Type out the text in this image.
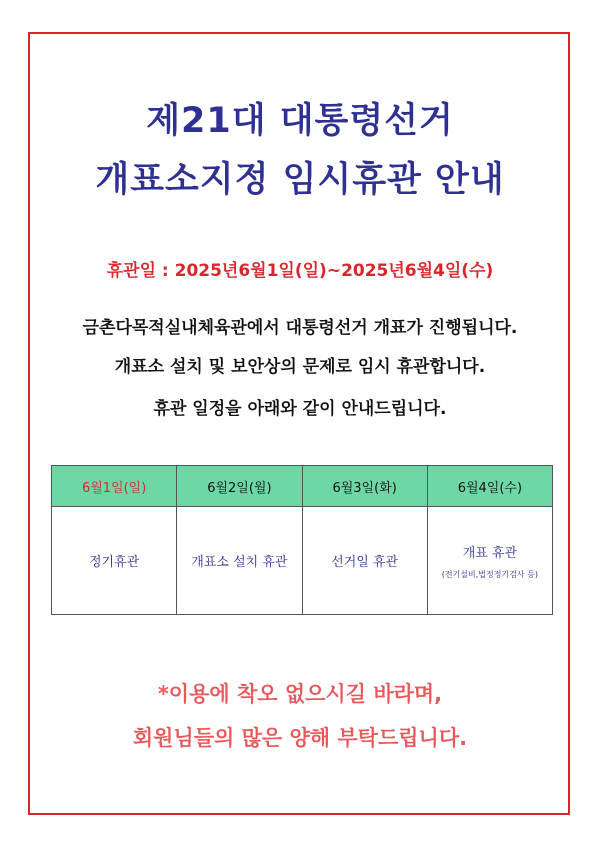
제21대 대통령선거
개표소지정 임시휴관 안내
휴관일 : 2025년6월1일(일)~2025년6월4일(수)
금촌다목적실내체육관에서 대통령선거 개표가 진행됩니다.
개표소 설치 및 보안상의 문제로 임시 휴관합니다.
휴관 일정을 아래와 같이 안내드립니다.
6월1일(일)	6월2일(월)	6월3일(화)	6월4일(수)
정기휴관	개표소 설치 휴관	선거일 휴관	개표 휴관
(전기설비,법정정기검사 등)
*이용에 착오 없으시길 바라며,
회원님들의 많은 양해 부탁드립니다.
